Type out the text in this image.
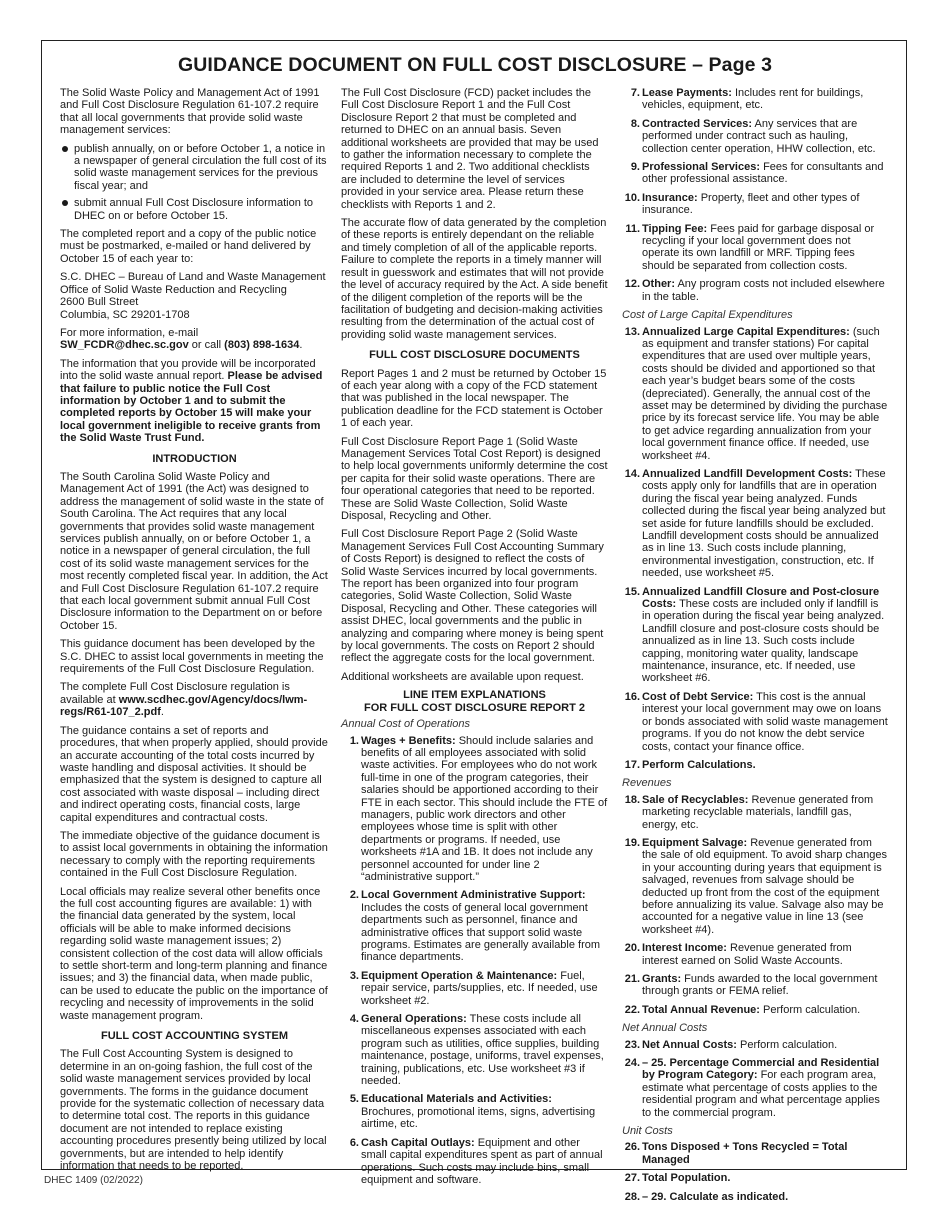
GUIDANCE DOCUMENT ON FULL COST DISCLOSURE – Page 3

The Solid Waste Policy and Management Act of 1991 and Full Cost Disclosure Regulation 61-107.2 require that all local governments that provide solid waste management services:

publish annually, on or before October 1, a notice in a newspaper of general circulation the full cost of its solid waste management services for the previous fiscal year; and
submit annual Full Cost Disclosure information to DHEC on or before October 15.

The completed report and a copy of the public notice must be postmarked, e-mailed or hand delivered by October 15 of each year to:

S.C. DHEC – Bureau of Land and Waste Management
Office of Solid Waste Reduction and Recycling
2600 Bull Street
Columbia, SC 29201-1708

For more information, e-mail SW_FCDR@dhec.sc.gov or call (803) 898-1634.

The information that you provide will be incorporated into the solid waste annual report. Please be advised that failure to public notice the Full Cost information by October 1 and to submit the completed reports by October 15 will make your local government ineligible to receive grants from the Solid Waste Trust Fund.

INTRODUCTION

The South Carolina Solid Waste Policy and Management Act of 1991 (the Act) was designed to address the management of solid waste in the state of South Carolina. The Act requires that any local governments that provides solid waste management services publish annually, on or before October 1, a notice in a newspaper of general circulation, the full cost of its solid waste management services for the most recently completed fiscal year. In addition, the Act and Full Cost Disclosure Regulation 61-107.2 require that each local government submit annual Full Cost Disclosure information to the Department on or before October 15.

This guidance document has been developed by the S.C. DHEC to assist local governments in meeting the requirements of the Full Cost Disclosure Regulation.

The complete Full Cost Disclosure regulation is available at www.scdhec.gov/Agency/docs/lwm-regs/R61-107_2.pdf.

The guidance contains a set of reports and procedures, that when properly applied, should provide an accurate accounting of the total costs incurred by waste handling and disposal activities. It should be emphasized that the system is designed to capture all cost associated with waste disposal – including direct and indirect operating costs, financial costs, large capital expenditures and contractual costs.

The immediate objective of the guidance document is to assist local governments in obtaining the information necessary to comply with the reporting requirements contained in the Full Cost Disclosure Regulation.

Local officials may realize several other benefits once the full cost accounting figures are available: 1) with the financial data generated by the system, local officials will be able to make informed decisions regarding solid waste management issues; 2) consistent collection of the cost data will allow officials to settle short-term and long-term planning and finance issues; and 3) the financial data, when made public, can be used to educate the public on the importance of recycling and necessity of improvements in the solid waste management program.

FULL COST ACCOUNTING SYSTEM

The Full Cost Accounting System is designed to determine in an on-going fashion, the full cost of the solid waste management services provided by local governments. The forms in the guidance document provide for the systematic collection of necessary data to determine total cost. The reports in this guidance document are not intended to replace existing accounting procedures presently being utilized by local governments, but are intended to help identify information that needs to be reported.

The Full Cost Disclosure (FCD) packet includes the Full Cost Disclosure Report 1 and the Full Cost Disclosure Report 2 that must be completed and returned to DHEC on an annual basis. Seven additional worksheets are provided that may be used to gather the information necessary to complete the required Reports 1 and 2. Two additional checklists are included to determine the level of services provided in your service area. Please return these checklists with Reports 1 and 2.

The accurate flow of data generated by the completion of these reports is entirely dependant on the reliable and timely completion of all of the applicable reports. Failure to complete the reports in a timely manner will result in guesswork and estimates that will not provide the level of accuracy required by the Act. A side benefit of the diligent completion of the reports will be the facilitation of budgeting and decision-making activities resulting from the determination of the actual cost of providing solid waste management services.

FULL COST DISCLOSURE DOCUMENTS

Report Pages 1 and 2 must be returned by October 15 of each year along with a copy of the FCD statement that was published in the local newspaper. The publication deadline for the FCD statement is October 1 of each year.

Full Cost Disclosure Report Page 1 (Solid Waste Management Services Total Cost Report) is designed to help local governments uniformly determine the cost per capita for their solid waste operations. There are four operational categories that need to be reported. These are Solid Waste Collection, Solid Waste Disposal, Recycling and Other.

Full Cost Disclosure Report Page 2 (Solid Waste Management Services Full Cost Accounting Summary of Costs Report) is designed to reflect the costs of Solid Waste Services incurred by local governments. The report has been organized into four program categories, Solid Waste Collection, Solid Waste Disposal, Recycling and Other. These categories will assist DHEC, local governments and the public in analyzing and comparing where money is being spent by local governments. The costs on Report 2 should reflect the aggregate costs for the local government.

Additional worksheets are available upon request.

LINE ITEM EXPLANATIONS
FOR FULL COST DISCLOSURE REPORT 2
Annual Cost of Operations
1. Wages + Benefits: Should include salaries and benefits of all employees associated with solid waste activities. For employees who do not work full-time in one of the program categories, their salaries should be apportioned according to their FTE in each sector. This should include the FTE of managers, public work directors and other employees whose time is split with other departments or programs. If needed, use worksheets #1A and 1B. It does not include any personnel accounted for under line 2 “administrative support.”
2. Local Government Administrative Support: Includes the costs of general local government departments such as personnel, finance and administrative offices that support solid waste programs. Estimates are generally available from finance departments.
3. Equipment Operation & Maintenance: Fuel, repair service, parts/supplies, etc. If needed, use worksheet #2.
4. General Operations: These costs include all miscellaneous expenses associated with each program such as utilities, office supplies, building maintenance, postage, uniforms, travel expenses, training, publications, etc. Use worksheet #3 if needed.
5. Educational Materials and Activities: Brochures, promotional items, signs, advertising airtime, etc.
6. Cash Capital Outlays: Equipment and other small capital expenditures spent as part of annual operations. Such costs may include bins, small equipment and software.
7. Lease Payments: Includes rent for buildings, vehicles, equipment, etc.
8. Contracted Services: Any services that are performed under contract such as hauling, collection center operation, HHW collection, etc.
9. Professional Services: Fees for consultants and other professional assistance.
10. Insurance: Property, fleet and other types of insurance.
11. Tipping Fee: Fees paid for garbage disposal or recycling if your local government does not operate its own landfill or MRF. Tipping fees should be separated from collection costs.
12. Other: Any program costs not included elsewhere in the table.
Cost of Large Capital Expenditures
13. Annualized Large Capital Expenditures: (such as equipment and transfer stations) For capital expenditures that are used over multiple years, costs should be divided and apportioned so that each year’s budget bears some of the costs (depreciated). Generally, the annual cost of the asset may be determined by dividing the purchase price by its forecast service life. You may be able to get advice regarding annualization from your local government finance office. If needed, use worksheet #4.
14. Annualized Landfill Development Costs: These costs apply only for landfills that are in operation during the fiscal year being analyzed. Funds collected during the fiscal year being analyzed but set aside for future landfills should be excluded. Landfill development costs should be annualized as in line 13. Such costs include planning, environmental investigation, construction, etc. If needed, use worksheet #5.
15. Annualized Landfill Closure and Post-closure Costs: These costs are included only if landfill is in operation during the fiscal year being analyzed. Landfill closure and post-closure costs should be annualized as in line 13. Such costs include capping, monitoring water quality, landscape maintenance, insurance, etc. If needed, use worksheet #6.
16. Cost of Debt Service: This cost is the annual interest your local government may owe on loans or bonds associated with solid waste management programs. If you do not know the debt service costs, contact your finance office.
17. Perform Calculations.
Revenues
18. Sale of Recyclables: Revenue generated from marketing recyclable materials, landfill gas, energy, etc.
19. Equipment Salvage: Revenue generated from the sale of old equipment. To avoid sharp changes in your accounting during years that equipment is salvaged, revenues from salvage should be deducted up front from the cost of the equipment before annualizing its value. Salvage also may be accounted for a negative value in line 13 (see worksheet #4).
20. Interest Income: Revenue generated from interest earned on Solid Waste Accounts.
21. Grants: Funds awarded to the local government through grants or FEMA relief.
22. Total Annual Revenue: Perform calculation.
Net Annual Costs
23. Net Annual Costs: Perform calculation.
24. – 25. Percentage Commercial and Residential by Program Category: For each program area, estimate what percentage of costs applies to the residential program and what percentage applies to the commercial program.
Unit Costs
26. Tons Disposed + Tons Recycled = Total Managed
27. Total Population.
28. – 29. Calculate as indicated.
DHEC 1409 (02/2022)
